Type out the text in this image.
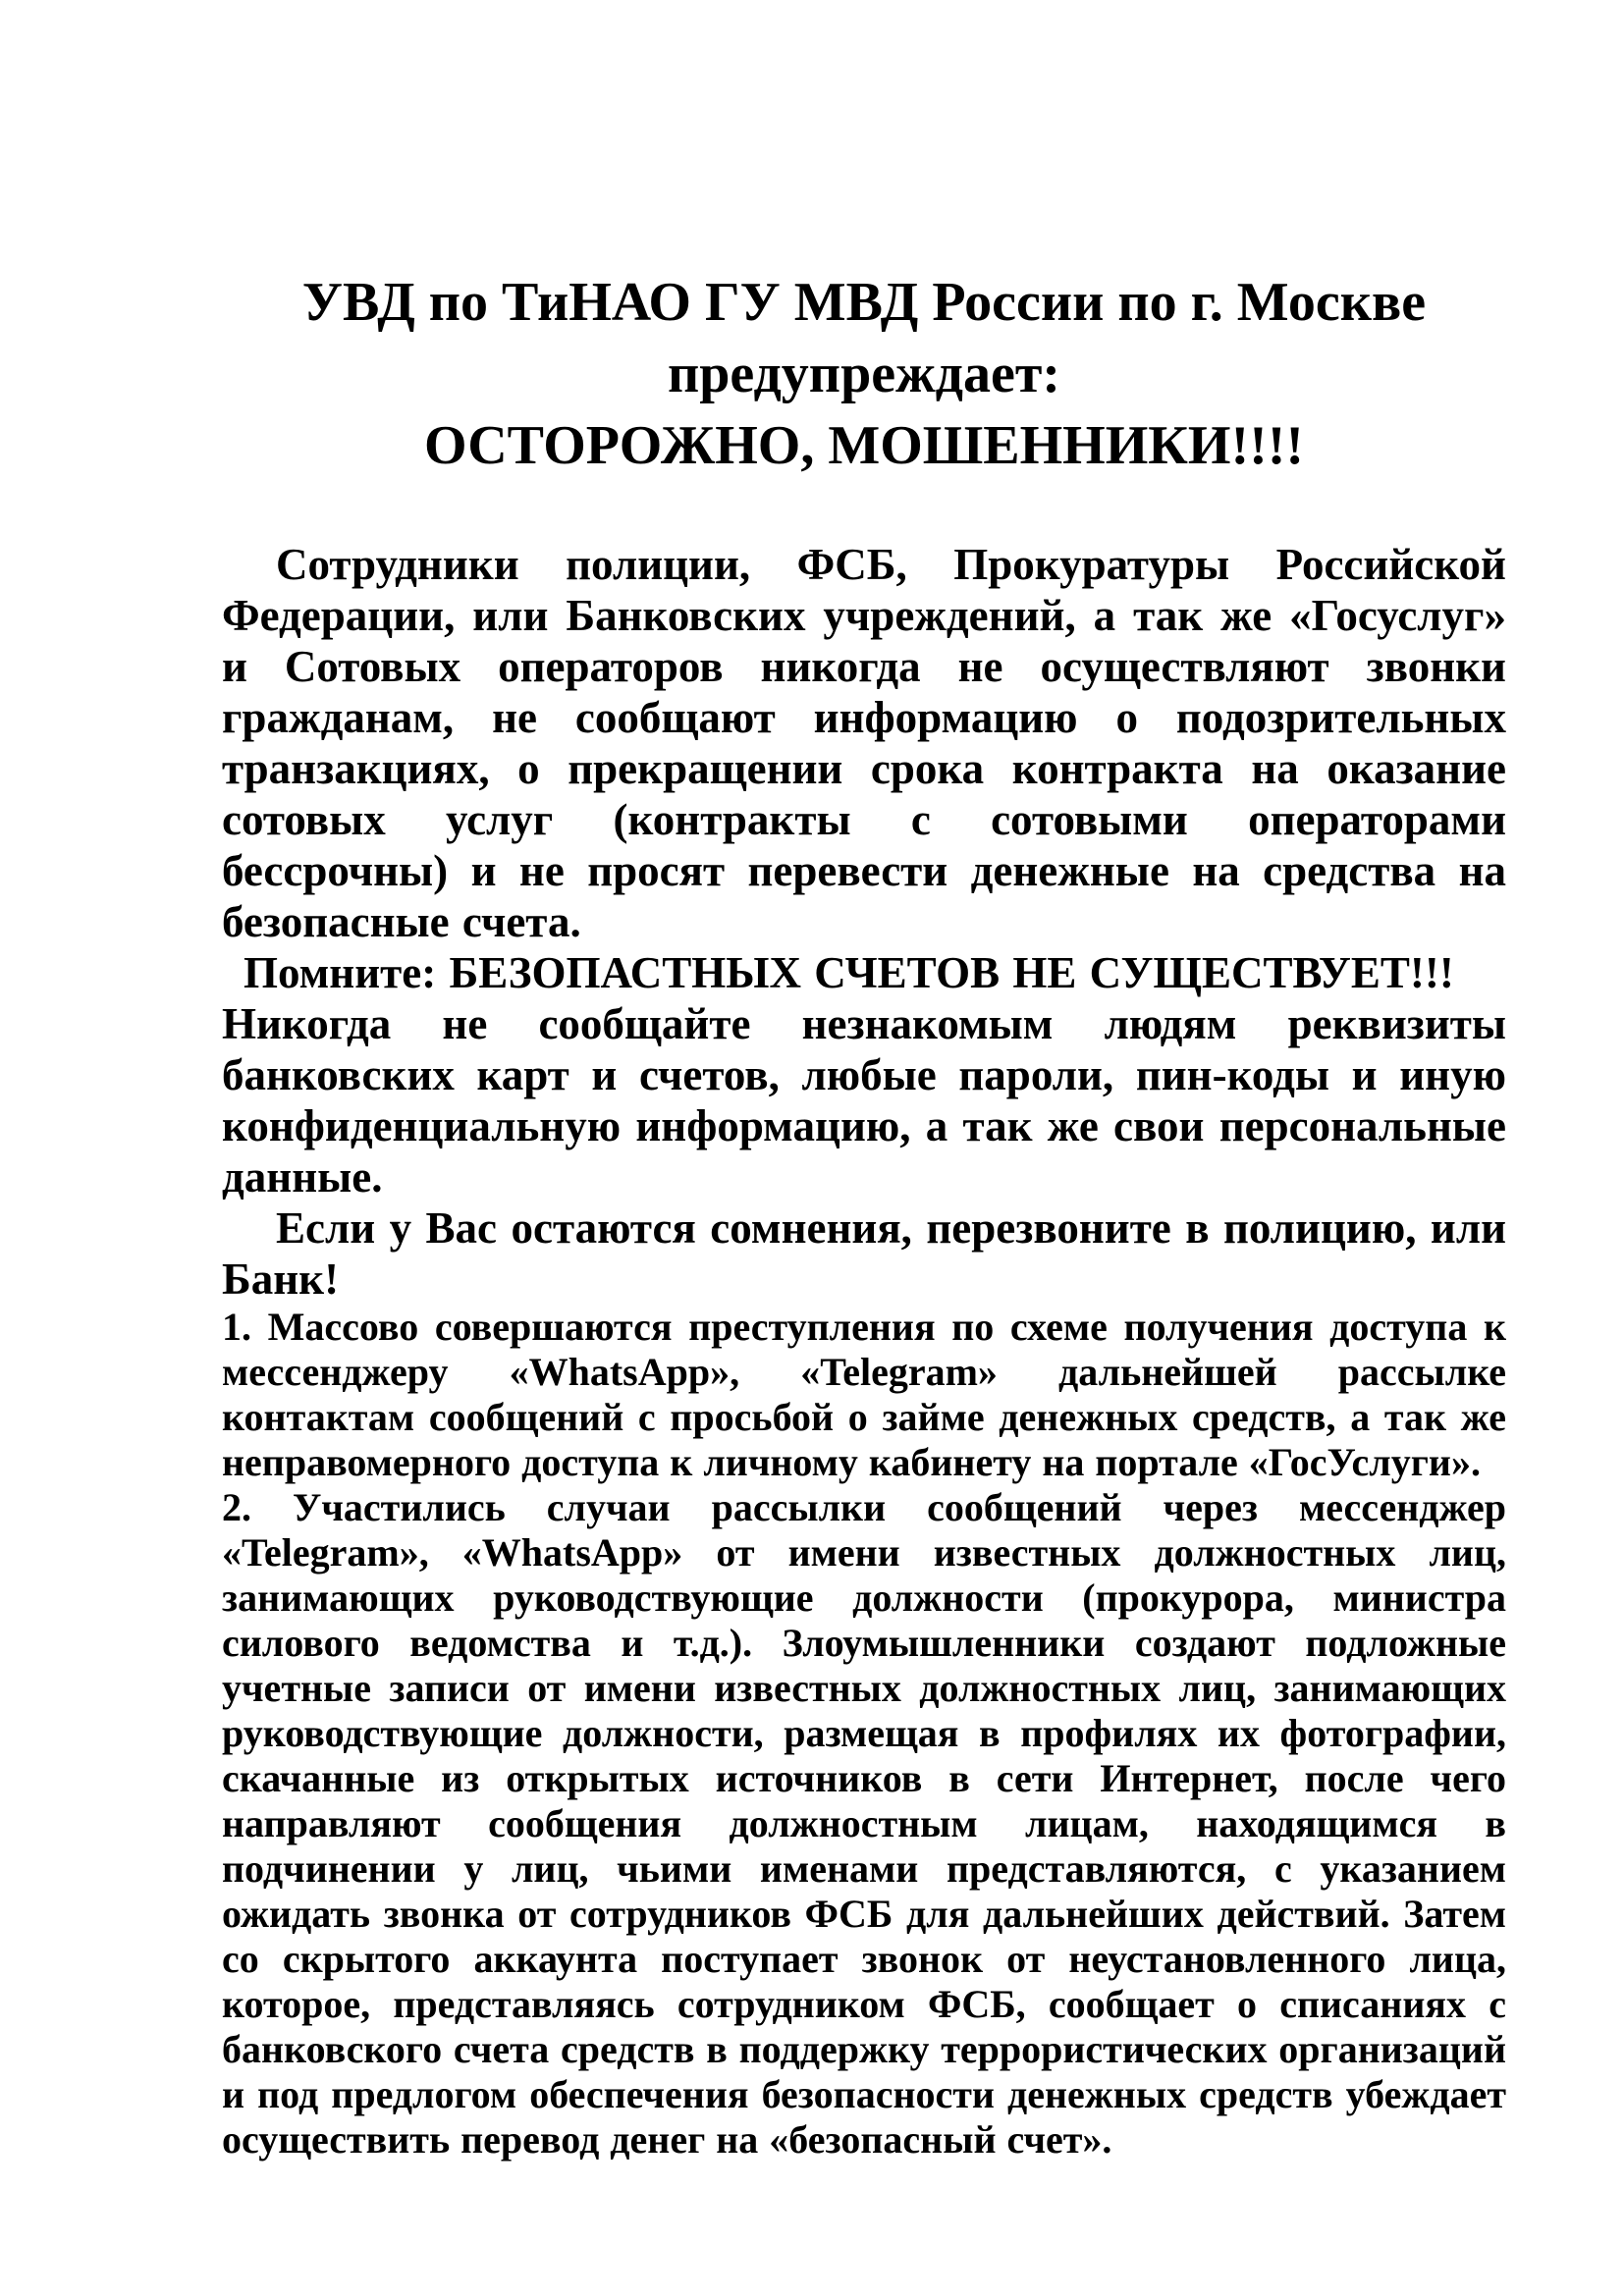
УВД по ТиНАО ГУ МВД России по г. Москве
предупреждает:
ОСТОРОЖНО, МОШЕННИКИ!!!!

Сотрудники полиции, ФСБ, Прокуратуры Российской Федерации, или Банковских учреждений, а так же «Госуслуг» и Сотовых операторов никогда не осуществляют звонки гражданам, не сообщают информацию о подозрительных транзакциях, о прекращении срока контракта на оказание сотовых услуг (контракты с сотовыми операторами бессрочны) и не просят перевести денежные на средства на безопасные счета.

Помните: БЕЗОПАСТНЫХ СЧЕТОВ НЕ СУЩЕСТВУЕТ!!!

Никогда не сообщайте незнакомым людям реквизиты банковских карт и счетов, любые пароли, пин-коды и иную конфиденциальную информацию, а так же свои персональные данные.

Если у Вас остаются сомнения, перезвоните в полицию, или Банк!

1. Массово совершаются преступления по схеме получения доступа к мессенджеру «WhatsApp», «Telegram» дальнейшей рассылке контактам сообщений с просьбой о займе денежных средств, а так же неправомерного доступа к личному кабинету на портале «ГосУслуги».

2. Участились случаи рассылки сообщений через мессенджер «Telegram», «WhatsApp» от имени известных должностных лиц, занимающих руководствующие должности (прокурора, министра силового ведомства и т.д.). Злоумышленники создают подложные учетные записи от имени известных должностных лиц, занимающих руководствующие должности, размещая в профилях их фотографии, скачанные из открытых источников в сети Интернет, после чего направляют сообщения должностным лицам, находящимся в подчинении у лиц, чьими именами представляются, с указанием ожидать звонка от сотрудников ФСБ для дальнейших действий. Затем со скрытого аккаунта поступает звонок от неустановленного лица, которое, представляясь сотрудником ФСБ, сообщает о списаниях с банковского счета средств в поддержку террористических организаций и под предлогом обеспечения безопасности денежных средств убеждает осуществить перевод денег на «безопасный счет».
